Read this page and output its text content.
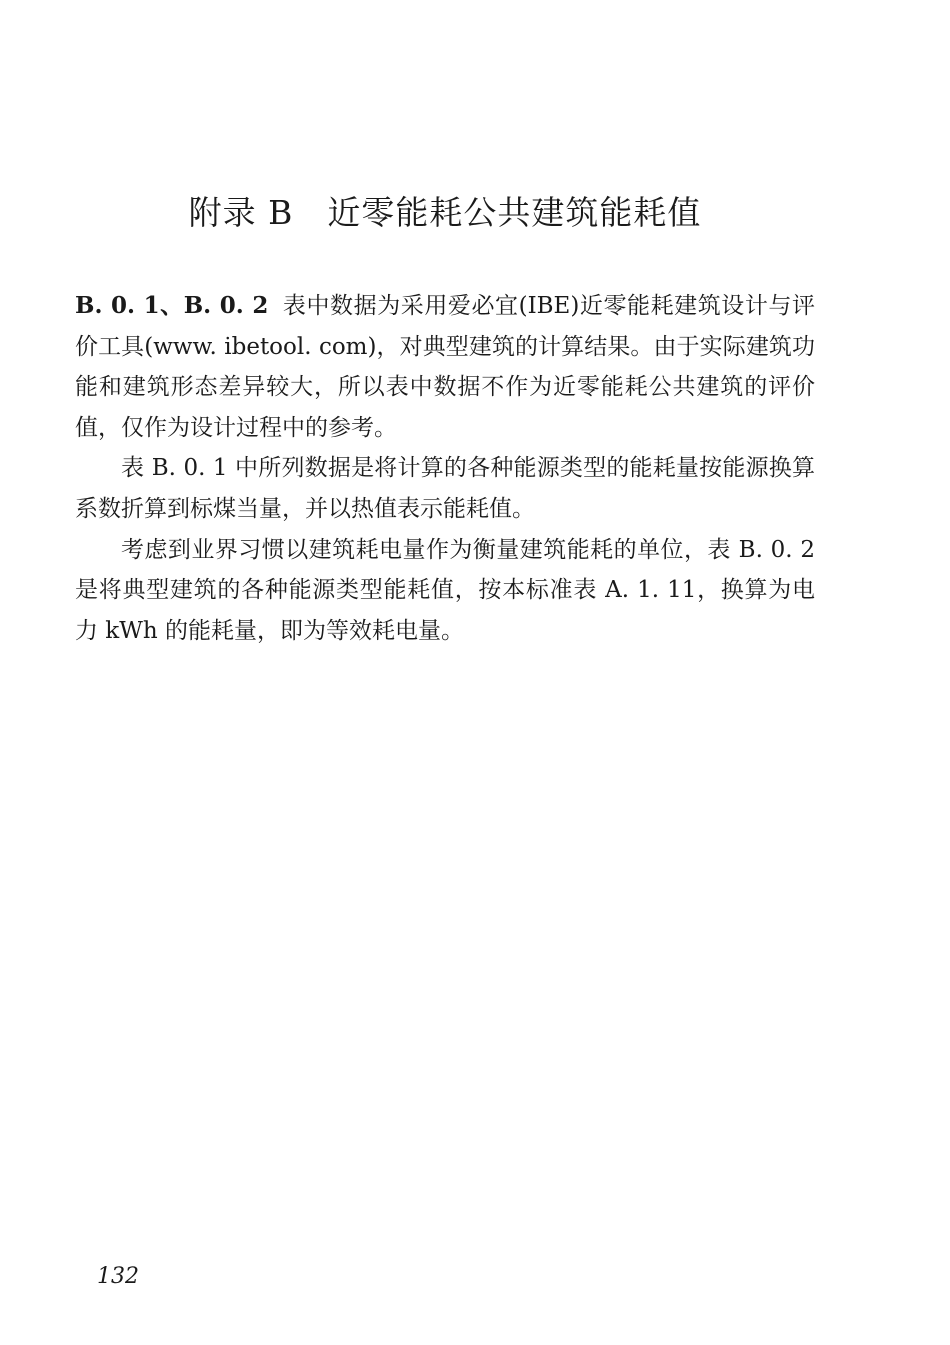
附录 B　近零能耗公共建筑能耗值

B. 0. 1、B. 0. 2 表中数据为采用爱必宜(IBE)近零能耗建筑设计与评价工具(www. ibetool. com)，对典型建筑的计算结果。由于实际建筑功能和建筑形态差异较大，所以表中数据不作为近零能耗公共建筑的评价值，仅作为设计过程中的参考。

表 B. 0. 1 中所列数据是将计算的各种能源类型的能耗量按能源换算系数折算到标煤当量，并以热值表示能耗值。

考虑到业界习惯以建筑耗电量作为衡量建筑能耗的单位，表 B. 0. 2 是将典型建筑的各种能源类型能耗值，按本标准表 A. 1. 11，换算为电力 kWh 的能耗量，即为等效耗电量。

132
